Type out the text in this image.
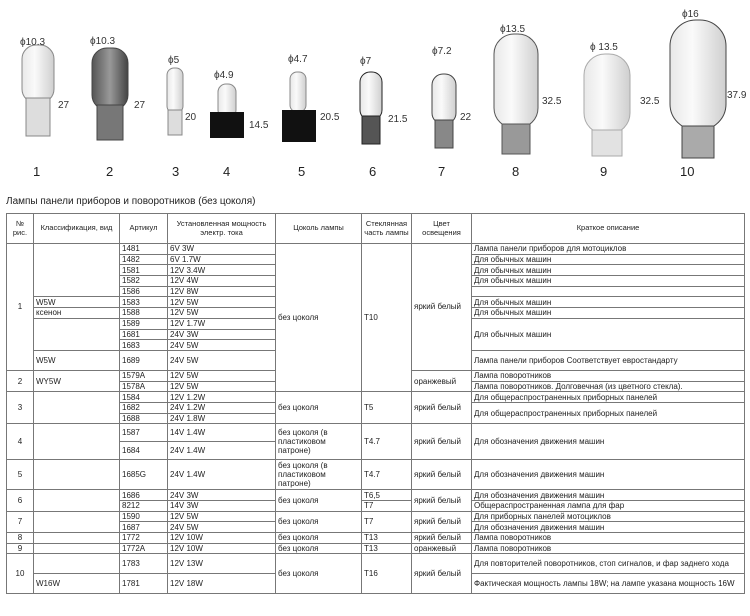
ϕ10.3
27
1
ϕ10.3
27
2
ϕ5
20
3
ϕ4.9
14.5
4
ϕ4.7
20.5
5
ϕ7
21.5
6
ϕ7.2
22
7
ϕ13.5
32.5
8
ϕ 13.5
32.5
9
ϕ16
37.9
10
Лампы панели приборов и поворотников (без цоколя)
№ рис.	Классификация, вид	Артикул	Установленная мощность электр. тока	Цоколь лампы	Стеклянная часть лампы	Цвет освещения	Краткое описание
1		1481	6V 3W	без цоколя	T10	яркий белый	Лампа панели приборов для мотоциклов
		1482	6V 1.7W				Для обычных машин
		1581	12V 3.4W				Для обычных машин
		1582	12V 4W				Для обычных машин
		1586	12V 8W				
	W5W	1583	12V 5W				Для обычных машин
	ксенон	1588	12V 5W				Для обычных машин
		1589	12V 1.7W				Для обычных машин
		1681	24V 3W				
		1683	24V 5W				
	W5W	1689	24V 5W				Лампа панели приборов Соответствует евростандарту
2	WY5W	1579A	12V 5W			оранжевый	Лампа поворотников
		1578A	12V 5W				Лампа поворотников. Долговечная (из цветного стекла).
3		1584	12V 1.2W	без цоколя	T5	яркий белый	Для общераспространенных приборных панелей
		1682	24V 1.2W				Для общераспространенных приборных панелей
		1688	24V 1.8W				
4		1587	14V 1.4W	без цоколя (в пластиковом патроне)	T4.7	яркий белый	Для обозначения движения машин
		1684	24V 1.4W				
5		1685G	24V 1.4W	без цоколя (в пластиковом патроне)	T4.7	яркий белый	Для обозначения движения машин
6		1686	24V 3W	без цоколя	T6,5	яркий белый	Для обозначения движения машин
		8212	14V 3W		T7		Общераспространенная лампа для фар
7		1590	12V 5W	без цоколя	T7	яркий белый	Для приборных панелей мотоциклов
		1687	24V 5W				Для обозначения движения машин
8		1772	12V 10W	без цоколя	T13	яркий белый	Лампа поворотников
9		1772A	12V 10W	без цоколя	T13	оранжевый	Лампа поворотников
10		1783	12V 13W	без цоколя	T16	яркий белый	Для повторителей поворотников, стоп сигналов, и фар заднего хода
	W16W	1781	12V 18W				Фактическая мощность лампы 18W; на лампе указана мощность 16W
